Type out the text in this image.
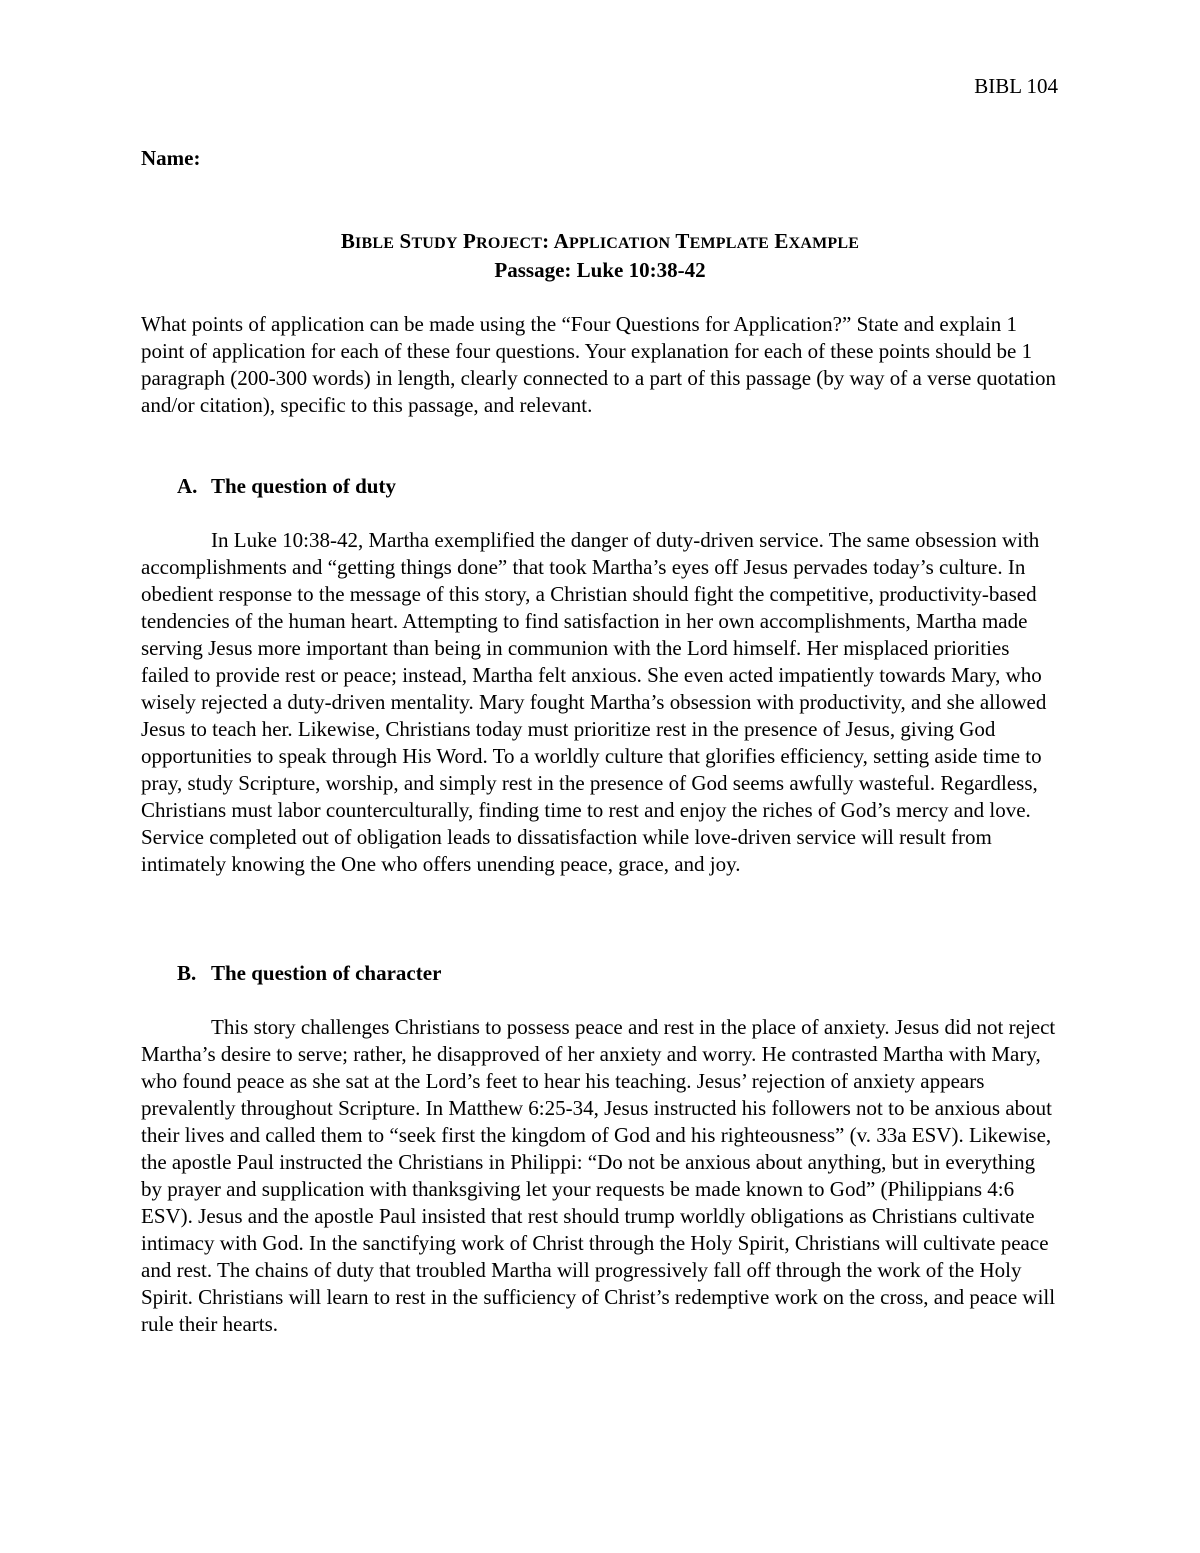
BIBL 104
Name:
BIBLE STUDY PROJECT: APPLICATION TEMPLATE EXAMPLE
Passage: Luke 10:38-42

What points of application can be made using the “Four Questions for Application?” State and explain 1 point of application for each of these four questions. Your explanation for each of these points should be 1 paragraph (200-300 words) in length, clearly connected to a part of this passage (by way of a verse quotation and/or citation), specific to this passage, and relevant.

A. The question of duty

In Luke 10:38-42, Martha exemplified the danger of duty-driven service. The same obsession with accomplishments and “getting things done” that took Martha’s eyes off Jesus pervades today’s culture. In obedient response to the message of this story, a Christian should fight the competitive, productivity-based tendencies of the human heart. Attempting to find satisfaction in her own accomplishments, Martha made serving Jesus more important than being in communion with the Lord himself. Her misplaced priorities failed to provide rest or peace; instead, Martha felt anxious. She even acted impatiently towards Mary, who wisely rejected a duty-driven mentality. Mary fought Martha’s obsession with productivity, and she allowed Jesus to teach her. Likewise, Christians today must prioritize rest in the presence of Jesus, giving God opportunities to speak through His Word. To a worldly culture that glorifies efficiency, setting aside time to pray, study Scripture, worship, and simply rest in the presence of God seems awfully wasteful. Regardless, Christians must labor counterculturally, finding time to rest and enjoy the riches of God’s mercy and love. Service completed out of obligation leads to dissatisfaction while love-driven service will result from intimately knowing the One who offers unending peace, grace, and joy.

B. The question of character

This story challenges Christians to possess peace and rest in the place of anxiety. Jesus did not reject Martha’s desire to serve; rather, he disapproved of her anxiety and worry. He contrasted Martha with Mary, who found peace as she sat at the Lord’s feet to hear his teaching. Jesus’ rejection of anxiety appears prevalently throughout Scripture. In Matthew 6:25-34, Jesus instructed his followers not to be anxious about their lives and called them to “seek first the kingdom of God and his righteousness” (v. 33a ESV). Likewise, the apostle Paul instructed the Christians in Philippi: “Do not be anxious about anything, but in everything by prayer and supplication with thanksgiving let your requests be made known to God” (Philippians 4:6 ESV). Jesus and the apostle Paul insisted that rest should trump worldly obligations as Christians cultivate intimacy with God. In the sanctifying work of Christ through the Holy Spirit, Christians will cultivate peace and rest. The chains of duty that troubled Martha will progressively fall off through the work of the Holy Spirit. Christians will learn to rest in the sufficiency of Christ’s redemptive work on the cross, and peace will rule their hearts.
